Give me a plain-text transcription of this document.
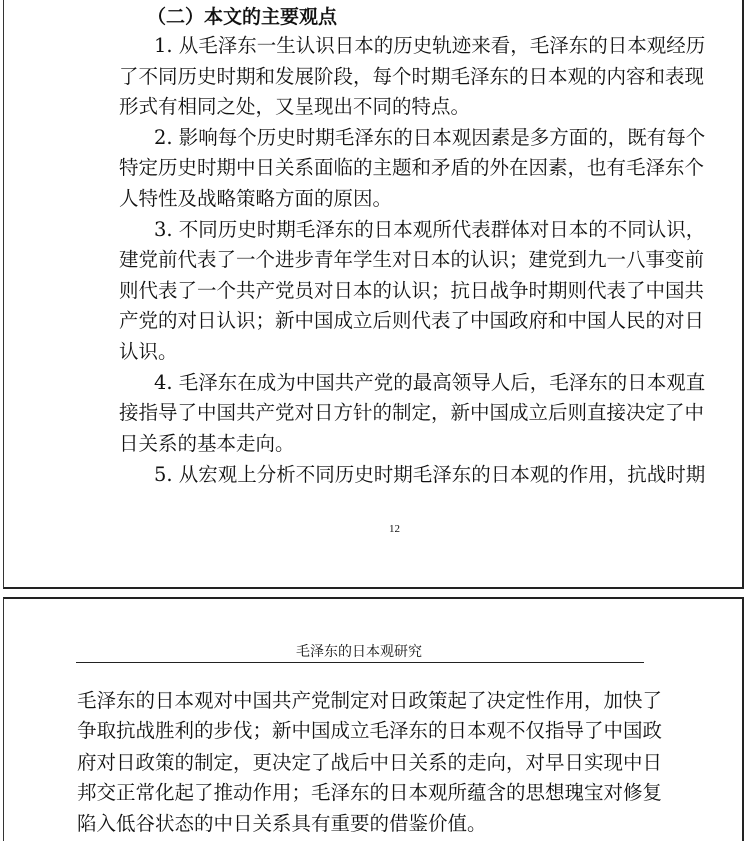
（二）本文的主要观点
1. 从毛泽东一生认识日本的历史轨迹来看，毛泽东的日本观经历
了不同历史时期和发展阶段，每个时期毛泽东的日本观的内容和表现
形式有相同之处，又呈现出不同的特点。
2. 影响每个历史时期毛泽东的日本观因素是多方面的，既有每个
特定历史时期中日关系面临的主题和矛盾的外在因素，也有毛泽东个
人特性及战略策略方面的原因。
3. 不同历史时期毛泽东的日本观所代表群体对日本的不同认识，
建党前代表了一个进步青年学生对日本的认识；建党到九一八事变前
则代表了一个共产党员对日本的认识；抗日战争时期则代表了中国共
产党的对日认识；新中国成立后则代表了中国政府和中国人民的对日
认识。
4. 毛泽东在成为中国共产党的最高领导人后，毛泽东的日本观直
接指导了中国共产党对日方针的制定，新中国成立后则直接决定了中
日关系的基本走向。
5. 从宏观上分析不同历史时期毛泽东的日本观的作用，抗战时期
12
毛泽东的日本观研究
毛泽东的日本观对中国共产党制定对日政策起了决定性作用，加快了
争取抗战胜利的步伐；新中国成立毛泽东的日本观不仅指导了中国政
府对日政策的制定，更决定了战后中日关系的走向，对早日实现中日
邦交正常化起了推动作用；毛泽东的日本观所蕴含的思想瑰宝对修复
陷入低谷状态的中日关系具有重要的借鉴价值。
